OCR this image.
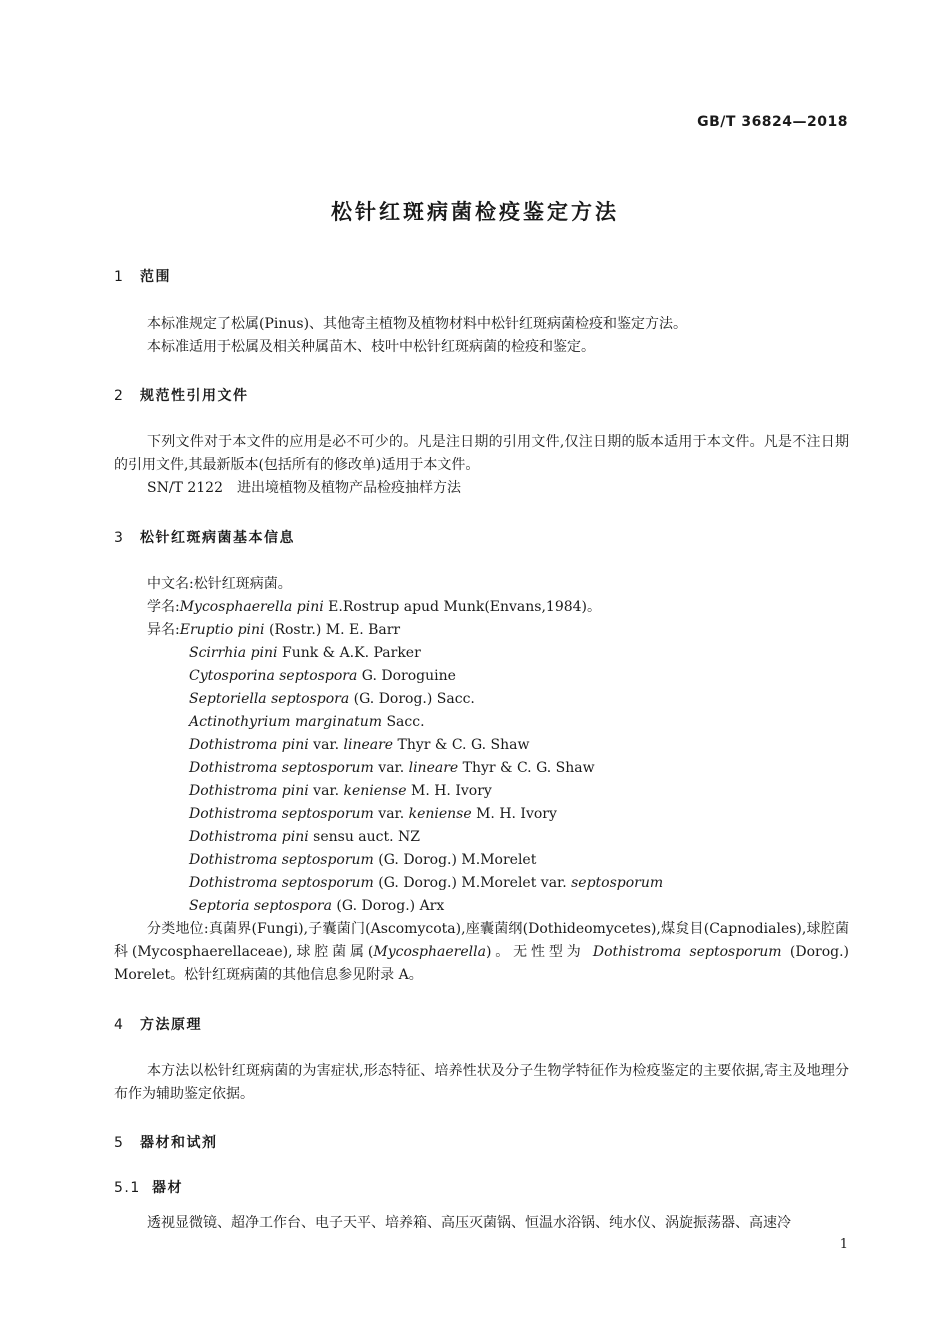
GB/T 36824—2018
松针红斑病菌检疫鉴定方法
1 范围
本标准规定了松属(Pinus)、其他寄主植物及植物材料中松针红斑病菌检疫和鉴定方法。
本标准适用于松属及相关种属苗木、枝叶中松针红斑病菌的检疫和鉴定。
2 规范性引用文件
下列文件对于本文件的应用是必不可少的。凡是注日期的引用文件,仅注日期的版本适用于本文件。凡是不注日期的引用文件,其最新版本(包括所有的修改单)适用于本文件。
SN/T 2122　进出境植物及植物产品检疫抽样方法
3 松针红斑病菌基本信息
中文名:松针红斑病菌。
学名:Mycosphaerella pini E.Rostrup apud Munk(Envans,1984)。
异名:Eruptio pini (Rostr.) M. E. Barr
Scirrhia pini Funk & A.K. Parker
Cytosporina septospora G. Doroguine
Septoriella septospora (G. Dorog.) Sacc.
Actinothyrium marginatum Sacc.
Dothistroma pini var. lineare Thyr & C. G. Shaw
Dothistroma septosporum var. lineare Thyr & C. G. Shaw
Dothistroma pini var. keniense M. H. Ivory
Dothistroma septosporum var. keniense M. H. Ivory
Dothistroma pini sensu auct. NZ
Dothistroma septosporum (G. Dorog.) M.Morelet
Dothistroma septosporum (G. Dorog.) M.Morelet var. septosporum
Septoria septospora (G. Dorog.) Arx
分类地位:真菌界(Fungi),子囊菌门(Ascomycota),座囊菌纲(Dothideomycetes),煤炱目(Capnodiales),球腔菌科(Mycosphaerellaceae),球腔菌属(Mycosphaerella)。无性型为 Dothistroma septosporum (Dorog.) Morelet。松针红斑病菌的其他信息参见附录 A。
4 方法原理
本方法以松针红斑病菌的为害症状,形态特征、培养性状及分子生物学特征作为检疫鉴定的主要依据,寄主及地理分布作为辅助鉴定依据。
5 器材和试剂
5.1 器材
透视显微镜、超净工作台、电子天平、培养箱、高压灭菌锅、恒温水浴锅、纯水仪、涡旋振荡器、高速冷
1
